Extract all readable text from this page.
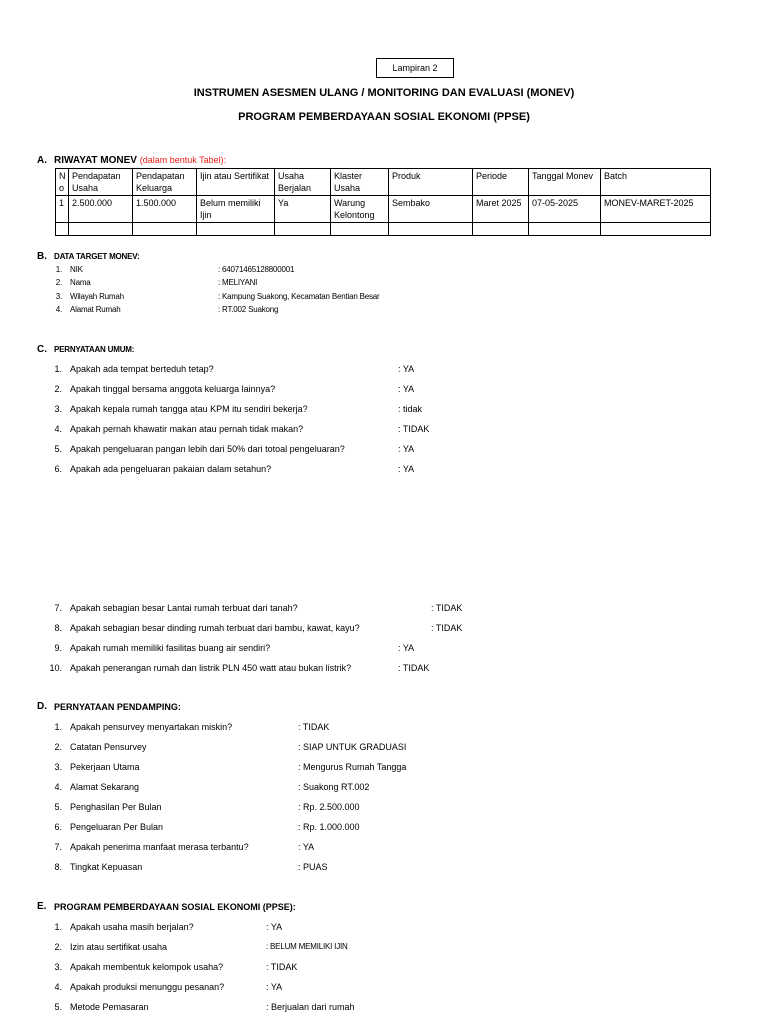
Lampiran 2
INSTRUMEN ASESMEN ULANG / MONITORING DAN EVALUASI (MONEV)
PROGRAM PEMBERDAYAAN SOSIAL EKONOMI (PPSE)
A. RIWAYAT MONEV (dalam bentuk Tabel):
N o	Pendapatan Usaha	Pendapatan Keluarga	Ijin atau Sertifikat	Usaha Berjalan	Klaster Usaha	Produk	Periode	Tanggal Monev	Batch
1	2.500.000	1.500.000	Belum memiliki Ijin	Ya	Warung Kelontong	Sembako	Maret 2025	07-05-2025	MONEV-MARET-2025

B. DATA TARGET MONEV:
1. NIK	: 64071465128800001
2. Nama	: MELIYANI
3. Wilayah Rumah	: Kampung Suakong, Kecamatan Bentian Besar
4. Alamat Rumah	: RT.002 Suakong
C. PERNYATAAN UMUM:
1. Apakah ada tempat berteduh tetap?	: YA
2. Apakah tinggal bersama anggota keluarga lainnya?	: YA
3. Apakah kepala rumah tangga atau KPM itu sendiri bekerja?	: tidak
4. Apakah pernah khawatir makan atau pernah tidak makan?	: TIDAK
5. Apakah pengeluaran pangan lebih dari 50% dari totoal pengeluaran?	: YA
6. Apakah ada pengeluaran pakaian dalam setahun?	: YA
7. Apakah sebagian besar Lantai rumah terbuat dari tanah?	: TIDAK
8. Apakah sebagian besar dinding rumah terbuat dari bambu, kawat, kayu?	: TIDAK
9. Apakah rumah memiliki fasilitas buang air sendiri?	: YA
10. Apakah penerangan rumah dan listrik PLN 450 watt atau bukan listrik?	: TIDAK
D. PERNYATAAN PENDAMPING:
1. Apakah pensurvey menyartakan miskin?	: TIDAK
2. Catatan Pensurvey	: SIAP UNTUK GRADUASI
3. Pekerjaan Utama	: Mengurus Rumah Tangga
4. Alamat Sekarang	: Suakong RT.002
5. Penghasilan Per Bulan	: Rp. 2.500.000
6. Pengeluaran Per Bulan	: Rp. 1.000.000
7. Apakah penerima manfaat merasa terbantu?	: YA
8. Tingkat Kepuasan	: PUAS
E. PROGRAM PEMBERDAYAAN SOSIAL EKONOMI (PPSE):
1. Apakah usaha masih berjalan?	: YA
2. Izin atau sertifikat usaha	: BELUM MEMILIKI IJIN
3. Apakah membentuk kelompok usaha?	: TIDAK
4. Apakah produksi menunggu pesanan?	: YA
5. Metode Pemasaran	: Berjualan dari rumah
